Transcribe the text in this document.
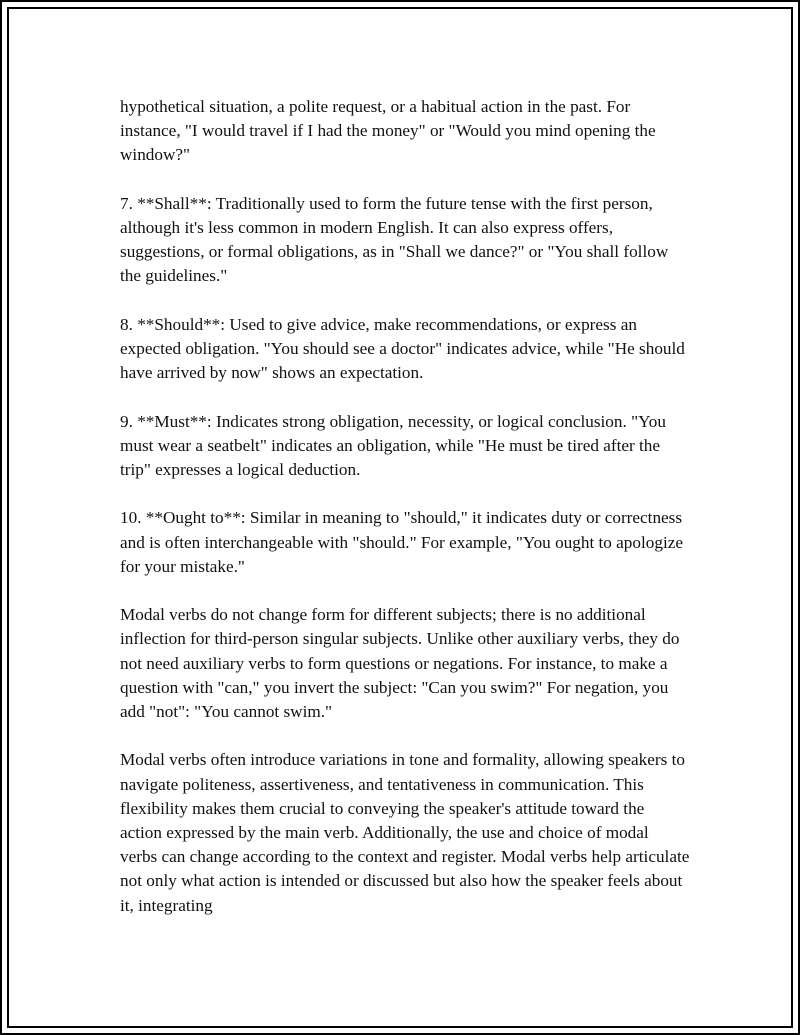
hypothetical situation, a polite request, or a habitual action in the past. For instance, "I would travel if I had the money" or "Would you mind opening the window?"

7. **Shall**: Traditionally used to form the future tense with the first person, although it's less common in modern English. It can also express offers, suggestions, or formal obligations, as in "Shall we dance?" or "You shall follow the guidelines."

8. **Should**: Used to give advice, make recommendations, or express an expected obligation. "You should see a doctor" indicates advice, while "He should have arrived by now" shows an expectation.

9. **Must**: Indicates strong obligation, necessity, or logical conclusion. "You must wear a seatbelt" indicates an obligation, while "He must be tired after the trip" expresses a logical deduction.

10. **Ought to**: Similar in meaning to "should," it indicates duty or correctness and is often interchangeable with "should." For example, "You ought to apologize for your mistake."

Modal verbs do not change form for different subjects; there is no additional inflection for third-person singular subjects. Unlike other auxiliary verbs, they do not need auxiliary verbs to form questions or negations. For instance, to make a question with "can," you invert the subject: "Can you swim?" For negation, you add "not": "You cannot swim."

Modal verbs often introduce variations in tone and formality, allowing speakers to navigate politeness, assertiveness, and tentativeness in communication. This flexibility makes them crucial to conveying the speaker's attitude toward the action expressed by the main verb. Additionally, the use and choice of modal verbs can change according to the context and register. Modal verbs help articulate not only what action is intended or discussed but also how the speaker feels about it, integrating
